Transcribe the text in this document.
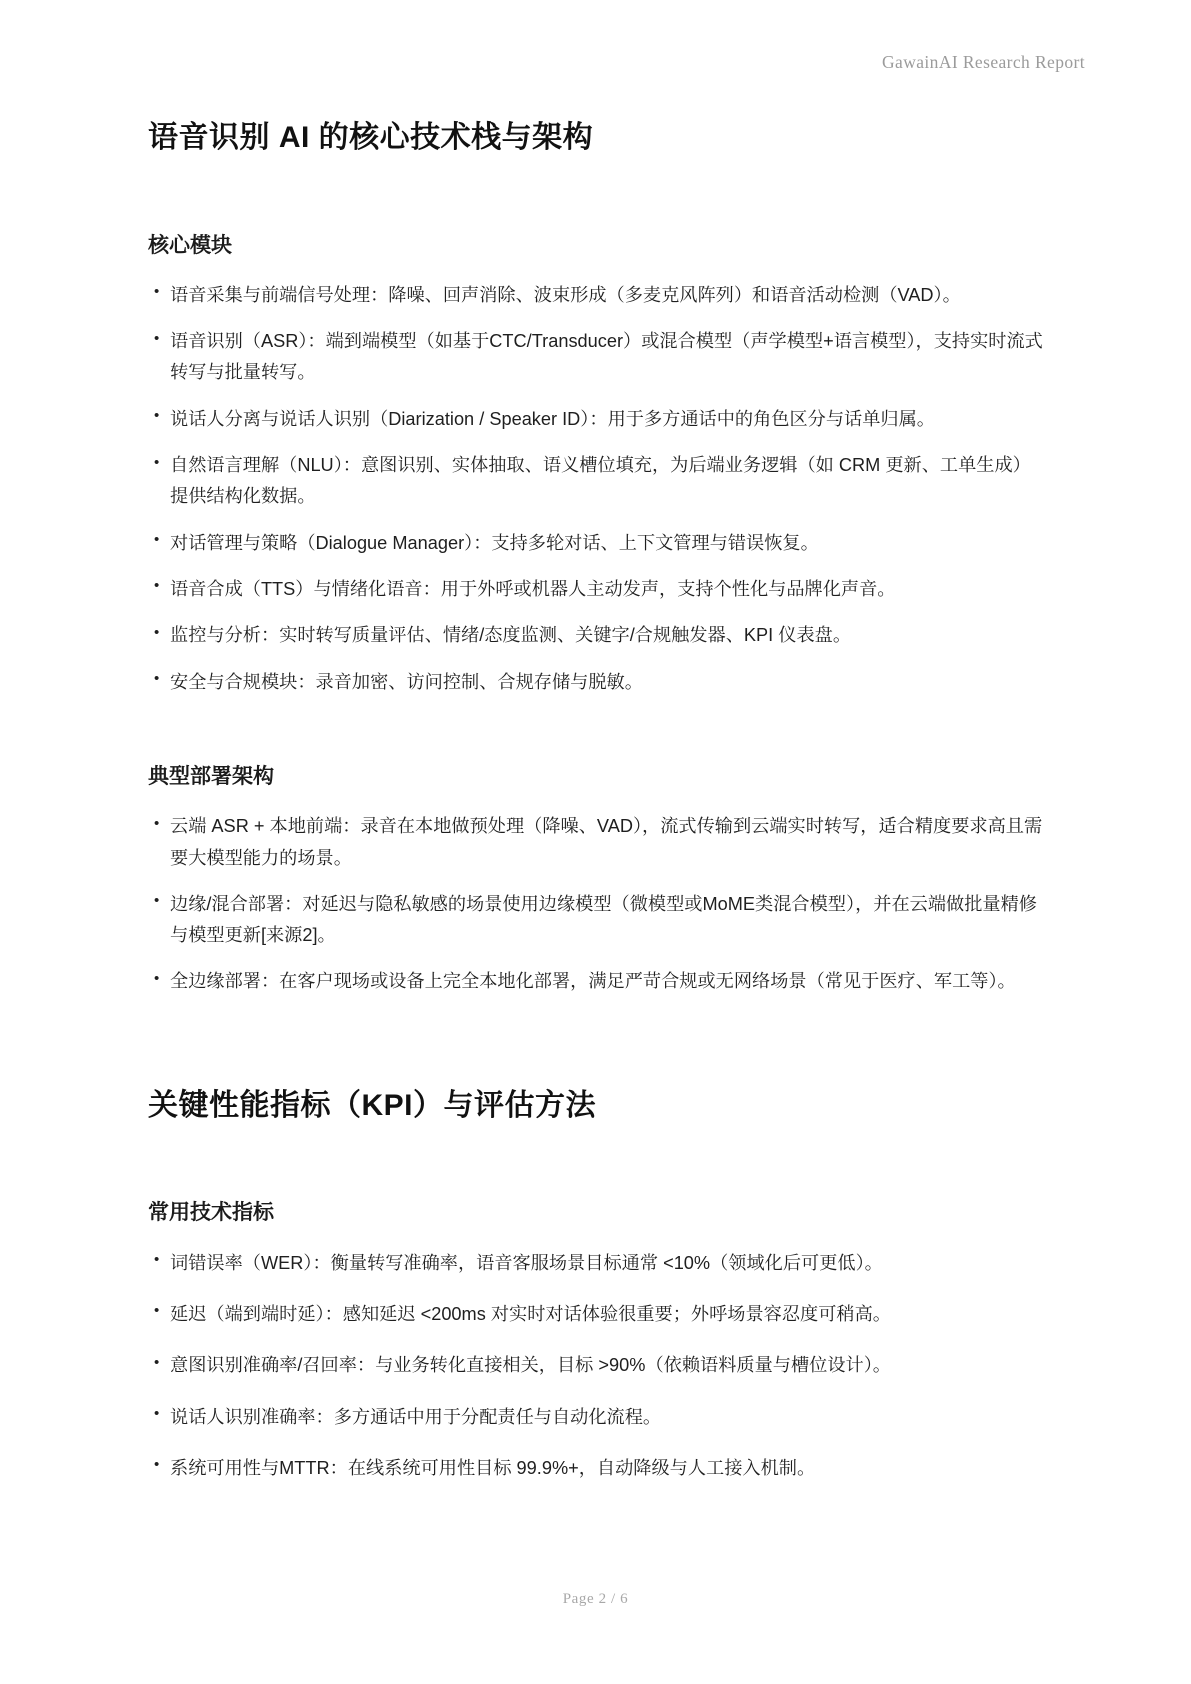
GawainAI Research Report
语音识别 AI 的核心技术栈与架构
核心模块
• 语音采集与前端信号处理：降噪、回声消除、波束形成（多麦克风阵列）和语音活动检测（VAD）。
• 语音识别（ASR）：端到端模型（如基于CTC/Transducer）或混合模型（声学模型+语言模型），支持实时流式转写与批量转写。
• 说话人分离与说话人识别（Diarization / Speaker ID）：用于多方通话中的角色区分与话单归属。
• 自然语言理解（NLU）：意图识别、实体抽取、语义槽位填充，为后端业务逻辑（如 CRM 更新、工单生成）提供结构化数据。
• 对话管理与策略（Dialogue Manager）：支持多轮对话、上下文管理与错误恢复。
• 语音合成（TTS）与情绪化语音：用于外呼或机器人主动发声，支持个性化与品牌化声音。
• 监控与分析：实时转写质量评估、情绪/态度监测、关键字/合规触发器、KPI 仪表盘。
• 安全与合规模块：录音加密、访问控制、合规存储与脱敏。
典型部署架构
• 云端 ASR + 本地前端：录音在本地做预处理（降噪、VAD），流式传输到云端实时转写，适合精度要求高且需要大模型能力的场景。
• 边缘/混合部署：对延迟与隐私敏感的场景使用边缘模型（微模型或MoME类混合模型），并在云端做批量精修与模型更新[来源2]。
• 全边缘部署：在客户现场或设备上完全本地化部署，满足严苛合规或无网络场景（常见于医疗、军工等）。
关键性能指标（KPI）与评估方法
常用技术指标
• 词错误率（WER）：衡量转写准确率，语音客服场景目标通常 <10%（领域化后可更低）。
• 延迟（端到端时延）：感知延迟 <200ms 对实时对话体验很重要；外呼场景容忍度可稍高。
• 意图识别准确率/召回率：与业务转化直接相关，目标 >90%（依赖语料质量与槽位设计）。
• 说话人识别准确率：多方通话中用于分配责任与自动化流程。
• 系统可用性与MTTR：在线系统可用性目标 99.9%+，自动降级与人工接入机制。
Page 2 / 6
